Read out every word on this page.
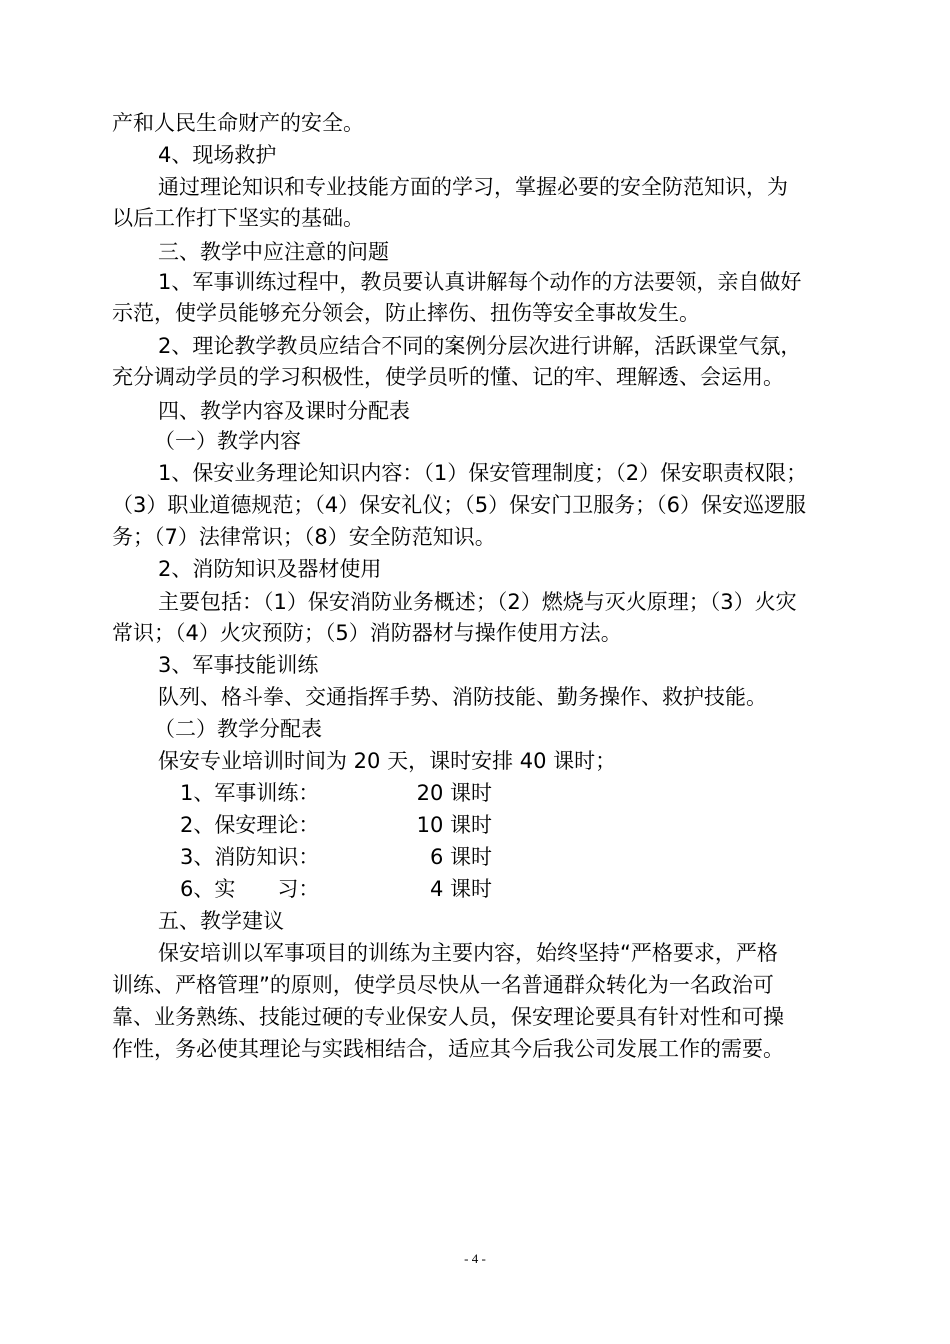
产和人民生命财产的安全。
4、现场救护
通过理论知识和专业技能方面的学习，掌握必要的安全防范知识，为
以后工作打下坚实的基础。
三、教学中应注意的问题
1、军事训练过程中，教员要认真讲解每个动作的方法要领，亲自做好
示范，使学员能够充分领会，防止摔伤、扭伤等安全事故发生。
2、理论教学教员应结合不同的案例分层次进行讲解，活跃课堂气氛，
充分调动学员的学习积极性，使学员听的懂、记的牢、理解透、会运用。
四、教学内容及课时分配表
（一）教学内容
1、保安业务理论知识内容：（1）保安管理制度；（2）保安职责权限；
（3）职业道德规范；（4）保安礼仪；（5）保安门卫服务；（6）保安巡逻服
务；（7）法律常识；（8）安全防范知识。
2、消防知识及器材使用
主要包括：（1）保安消防业务概述；（2）燃烧与灭火原理；（3）火灾
常识；（4）火灾预防；（5）消防器材与操作使用方法。
3、军事技能训练
队列、格斗拳、交通指挥手势、消防技能、勤务操作、救护技能。
（二）教学分配表
保安专业培训时间为 20 天，课时安排 40 课时；
1、军事训练：	20 课时
2、保安理论：	10 课时
3、消防知识：	6 课时
6、实　　习：	4 课时
五、教学建议
保安培训以军事项目的训练为主要内容，始终坚持“严格要求，严格
训练、严格管理”的原则，使学员尽快从一名普通群众转化为一名政治可
靠、业务熟练、技能过硬的专业保安人员，保安理论要具有针对性和可操
作性，务必使其理论与实践相结合，适应其今后我公司发展工作的需要。
- 4 -
